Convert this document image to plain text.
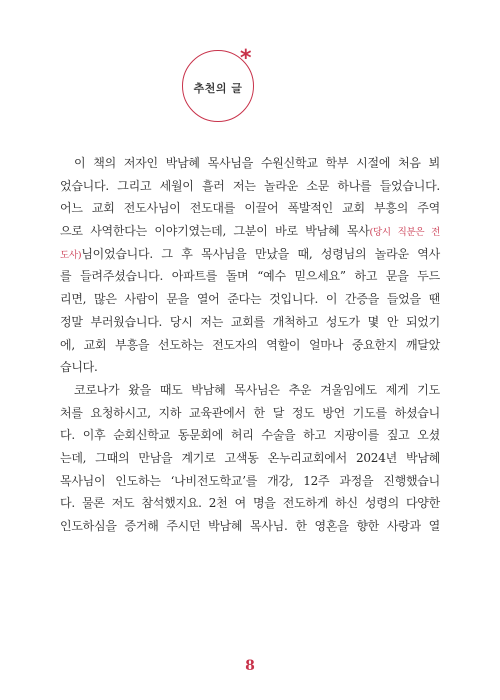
추천의 글
*
이 책의 저자인 박남혜 목사님을 수원신학교 학부 시절에 처음 뵈
었습니다. 그리고 세월이 흘러 저는 놀라운 소문 하나를 들었습니다.
어느 교회 전도사님이 전도대를 이끌어 폭발적인 교회 부흥의 주역
으로 사역한다는 이야기였는데, 그분이 바로 박남혜 목사(당시 직분은 전
도사)님이었습니다. 그 후 목사님을 만났을 때, 성령님의 놀라운 역사
를 들려주셨습니다. 아파트를 돌며 “예수 믿으세요” 하고 문을 두드
리면, 많은 사람이 문을 열어 준다는 것입니다. 이 간증을 들었을 땐
정말 부러웠습니다. 당시 저는 교회를 개척하고 성도가 몇 안 되었기
에, 교회 부흥을 선도하는 전도자의 역할이 얼마나 중요한지 깨달았
습니다.
코로나가 왔을 때도 박남혜 목사님은 추운 겨울임에도 제게 기도
처를 요청하시고, 지하 교육관에서 한 달 정도 방언 기도를 하셨습니
다. 이후 순회신학교 동문회에 허리 수술을 하고 지팡이를 짚고 오셨
는데, 그때의 만남을 계기로 고색동 온누리교회에서 2024년 박남혜
목사님이 인도하는 ‘나비전도학교’를 개강, 12주 과정을 진행했습니
다. 물론 저도 참석했지요. 2천 여 명을 전도하게 하신 성령의 다양한
인도하심을 증거해 주시던 박남혜 목사님. 한 영혼을 향한 사랑과 열
8
